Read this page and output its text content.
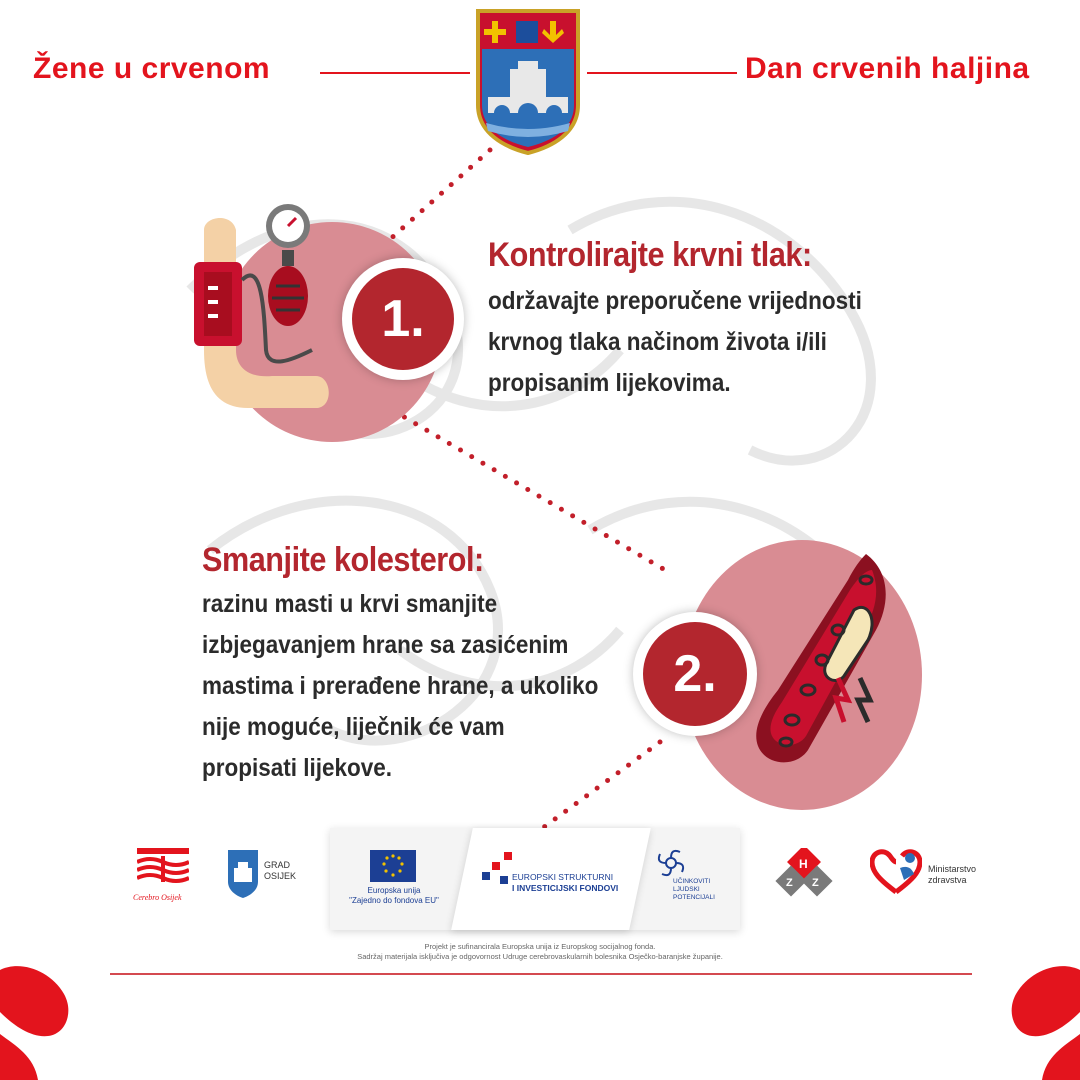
Žene u crvenom	Dan crvenih haljina
1.
Kontrolirajte krvni tlak:
održavajte preporučene vrijednosti
krvnog tlaka načinom života i/ili
propisanim lijekovima.
Smanjite kolesterol:
razinu masti u krvi smanjite
izbjegavanjem hrane sa zasićenim
mastima i prerađene hrane, a ukoliko
nije moguće, liječnik će vam
propisati lijekove.
2.
Cerebro Osijek
GRAD
OSIJEK
Europska unija
"Zajedno do fondova EU"
EUROPSKI STRUKTURNI
I INVESTICIJSKI FONDOVI
UČINKOVITI
LJUDSKI
POTENCIJALI
H
Z Z
Ministarstvo
zdravstva
Projekt je sufinancirala Europska unija iz Europskog socijalnog fonda.
Sadržaj materijala isključiva je odgovornost Udruge cerebrovaskularnih bolesnika Osječko-baranjske županije.
